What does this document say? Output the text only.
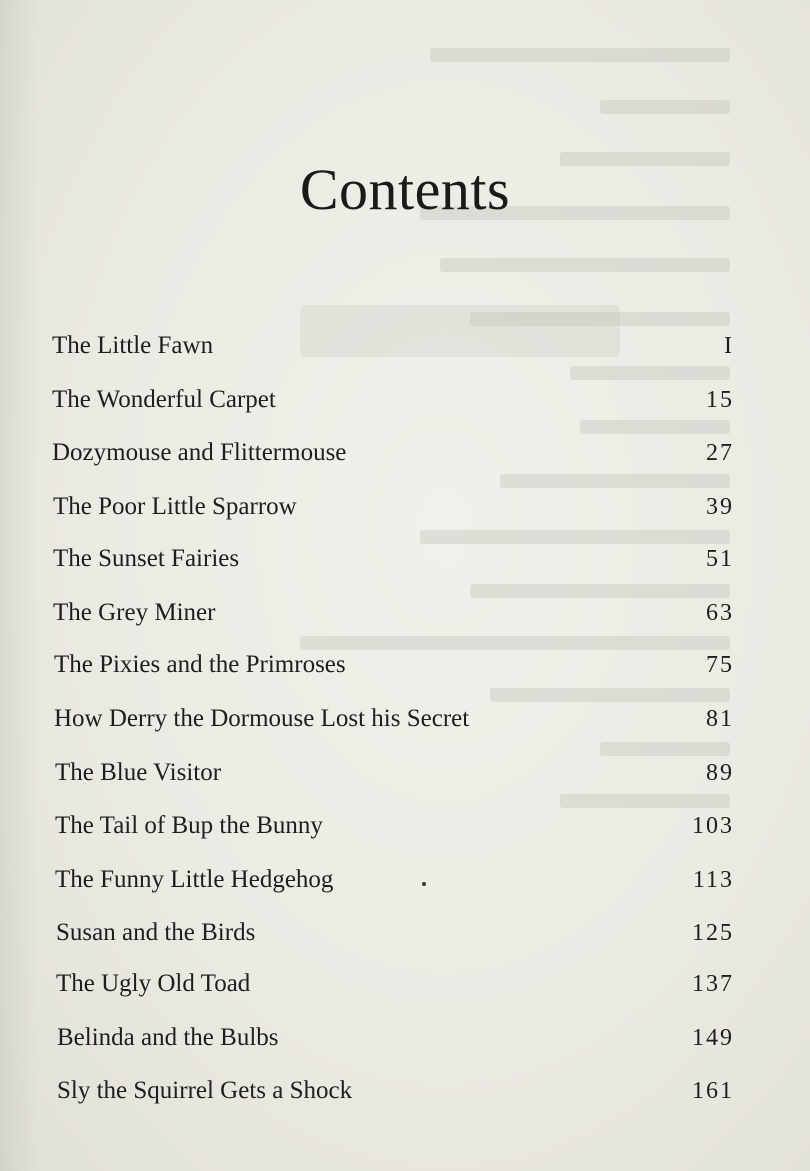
Contents
The Little Fawn	I
The Wonderful Carpet	15
Dozymouse and Flittermouse	27
The Poor Little Sparrow	39
The Sunset Fairies	51
The Grey Miner	63
The Pixies and the Primroses	75
How Derry the Dormouse Lost his Secret	81
The Blue Visitor	89
The Tail of Bup the Bunny	103
The Funny Little Hedgehog	113
Susan and the Birds	125
The Ugly Old Toad	137
Belinda and the Bulbs	149
Sly the Squirrel Gets a Shock	161
